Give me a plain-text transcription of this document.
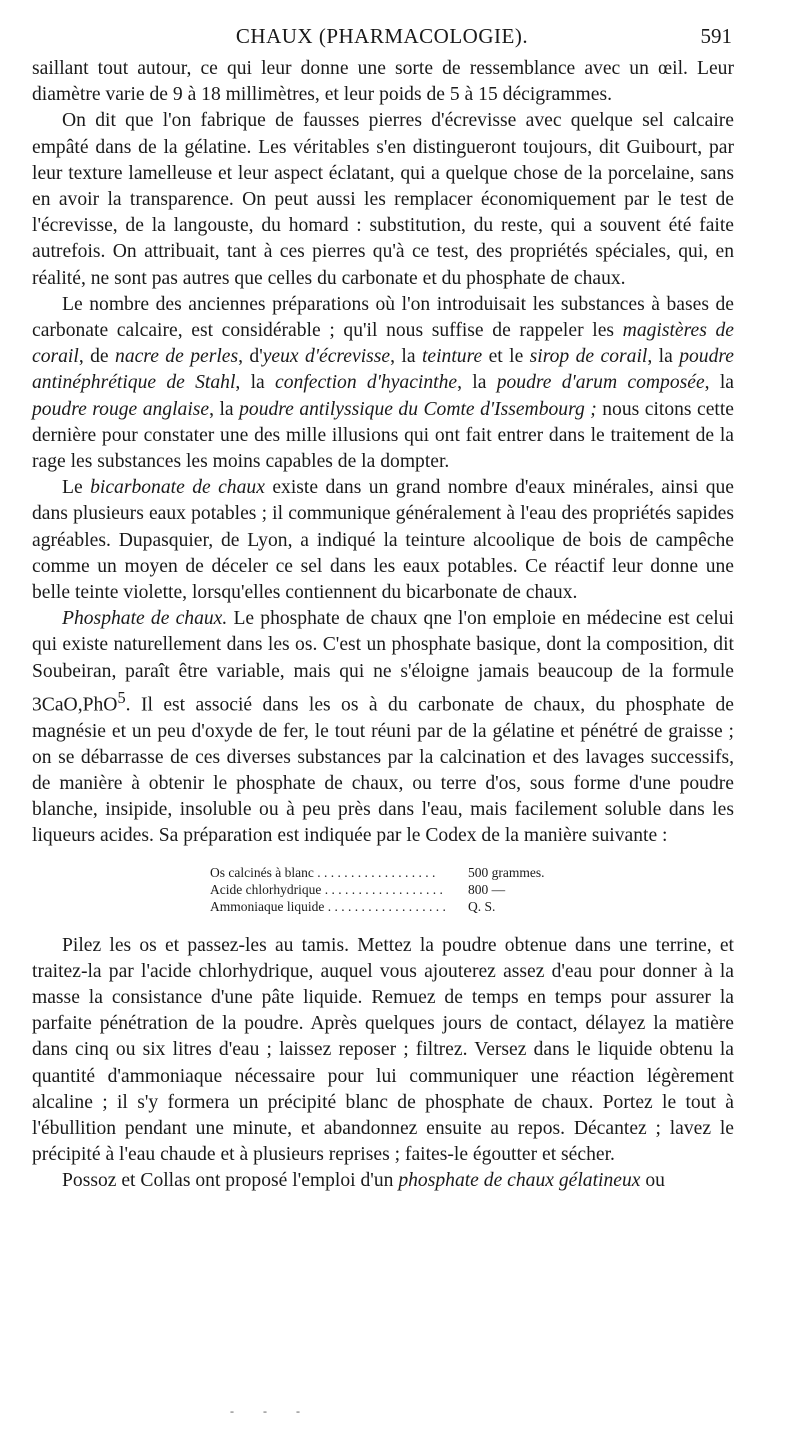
CHAUX (PHARMACOLOGIE).	591

saillant tout autour, ce qui leur donne une sorte de ressemblance avec un œil. Leur diamètre varie de 9 à 18 millimètres, et leur poids de 5 à 15 décigrammes.

On dit que l'on fabrique de fausses pierres d'écrevisse avec quelque sel calcaire empâté dans de la gélatine. Les véritables s'en distingueront toujours, dit Guibourt, par leur texture lamelleuse et leur aspect éclatant, qui a quelque chose de la porcelaine, sans en avoir la transparence. On peut aussi les remplacer économiquement par le test de l'écrevisse, de la langouste, du homard : substitution, du reste, qui a souvent été faite autrefois. On attribuait, tant à ces pierres qu'à ce test, des propriétés spéciales, qui, en réalité, ne sont pas autres que celles du carbonate et du phosphate de chaux.

Le nombre des anciennes préparations où l'on introduisait les substances à bases de carbonate calcaire, est considérable ; qu'il nous suffise de rappeler les magistères de corail, de nacre de perles, d'yeux d'écrevisse, la teinture et le sirop de corail, la poudre antinéphrétique de Stahl, la confection d'hyacinthe, la poudre d'arum composée, la poudre rouge anglaise, la poudre antilyssique du Comte d'Issembourg ; nous citons cette dernière pour constater une des mille illusions qui ont fait entrer dans le traitement de la rage les substances les moins capables de la dompter.

Le bicarbonate de chaux existe dans un grand nombre d'eaux minérales, ainsi que dans plusieurs eaux potables ; il communique généralement à l'eau des propriétés sapides agréables. Dupasquier, de Lyon, a indiqué la teinture alcoolique de bois de campêche comme un moyen de déceler ce sel dans les eaux potables. Ce réactif leur donne une belle teinte violette, lorsqu'elles contiennent du bicarbonate de chaux.

Phosphate de chaux. Le phosphate de chaux qne l'on emploie en médecine est celui qui existe naturellement dans les os. C'est un phosphate basique, dont la composition, dit Soubeiran, paraît être variable, mais qui ne s'éloigne jamais beaucoup de la formule 3CaO,PhO$^5$. Il est associé dans les os à du carbonate de chaux, du phosphate de magnésie et un peu d'oxyde de fer, le tout réuni par de la gélatine et pénétré de graisse ; on se débarrasse de ces diverses substances par la calcination et des lavages successifs, de manière à obtenir le phosphate de chaux, ou terre d'os, sous forme d'une poudre blanche, insipide, insoluble ou à peu près dans l'eau, mais facilement soluble dans les liqueurs acides. Sa préparation est indiquée par le Codex de la manière suivante :

Os calcinés à blanc . . . . . . . . . . . . . . . . . .	500 grammes.
Acide chlorhydrique . . . . . . . . . . . . . . . . . .	800 —
Ammoniaque liquide . . . . . . . . . . . . . . . . . .	Q. S.

Pilez les os et passez-les au tamis. Mettez la poudre obtenue dans une terrine, et traitez-la par l'acide chlorhydrique, auquel vous ajouterez assez d'eau pour donner à la masse la consistance d'une pâte liquide. Remuez de temps en temps pour assurer la parfaite pénétration de la poudre. Après quelques jours de contact, délayez la matière dans cinq ou six litres d'eau ; laissez reposer ; filtrez. Versez dans le liquide obtenu la quantité d'ammoniaque nécessaire pour lui communiquer une réaction légèrement alcaline ; il s'y formera un précipité blanc de phosphate de chaux. Portez le tout à l'ébullition pendant une minute, et abandonnez ensuite au repos. Décantez ; lavez le précipité à l'eau chaude et à plusieurs reprises ; faites-le égoutter et sécher.

Possoz et Collas ont proposé l'emploi d'un phosphate de chaux gélatineux ou

- - -
